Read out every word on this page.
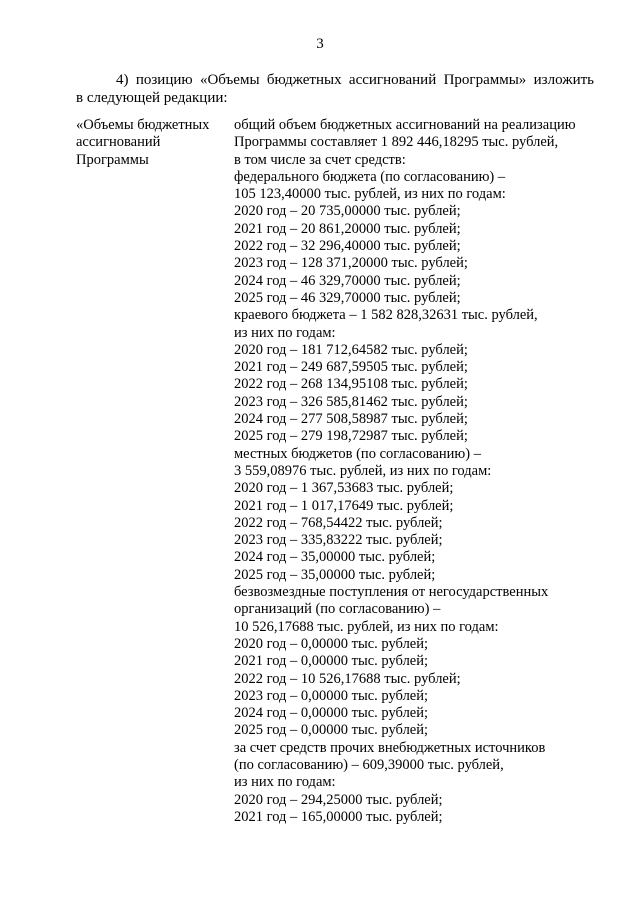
3
4) позицию «Объемы бюджетных ассигнований Программы» изложить
в следующей редакции:
«Объемы бюджетных
ассигнований
Программы
общий объем бюджетных ассигнований на реализацию
Программы составляет 1 892 446,18295 тыс. рублей,
в том числе за счет средств:
федерального бюджета (по согласованию) –
105 123,40000 тыс. рублей, из них по годам:
2020 год – 20 735,00000 тыс. рублей;
2021 год – 20 861,20000 тыс. рублей;
2022 год – 32 296,40000 тыс. рублей;
2023 год – 128 371,20000 тыс. рублей;
2024 год – 46 329,70000 тыс. рублей;
2025 год – 46 329,70000 тыс. рублей;
краевого бюджета – 1 582 828,32631 тыс. рублей,
из них по годам:
2020 год – 181 712,64582 тыс. рублей;
2021 год – 249 687,59505 тыс. рублей;
2022 год – 268 134,95108 тыс. рублей;
2023 год – 326 585,81462 тыс. рублей;
2024 год – 277 508,58987 тыс. рублей;
2025 год – 279 198,72987 тыс. рублей;
местных бюджетов (по согласованию) –
3 559,08976 тыс. рублей, из них по годам:
2020 год – 1 367,53683 тыс. рублей;
2021 год – 1 017,17649 тыс. рублей;
2022 год – 768,54422 тыс. рублей;
2023 год – 335,83222 тыс. рублей;
2024 год – 35,00000 тыс. рублей;
2025 год – 35,00000 тыс. рублей;
безвозмездные поступления от негосударственных
организаций (по согласованию) –
10 526,17688 тыс. рублей, из них по годам:
2020 год – 0,00000 тыс. рублей;
2021 год – 0,00000 тыс. рублей;
2022 год – 10 526,17688 тыс. рублей;
2023 год – 0,00000 тыс. рублей;
2024 год – 0,00000 тыс. рублей;
2025 год – 0,00000 тыс. рублей;
за счет средств прочих внебюджетных источников
(по согласованию) – 609,39000 тыс. рублей,
из них по годам:
2020 год – 294,25000 тыс. рублей;
2021 год – 165,00000 тыс. рублей;
